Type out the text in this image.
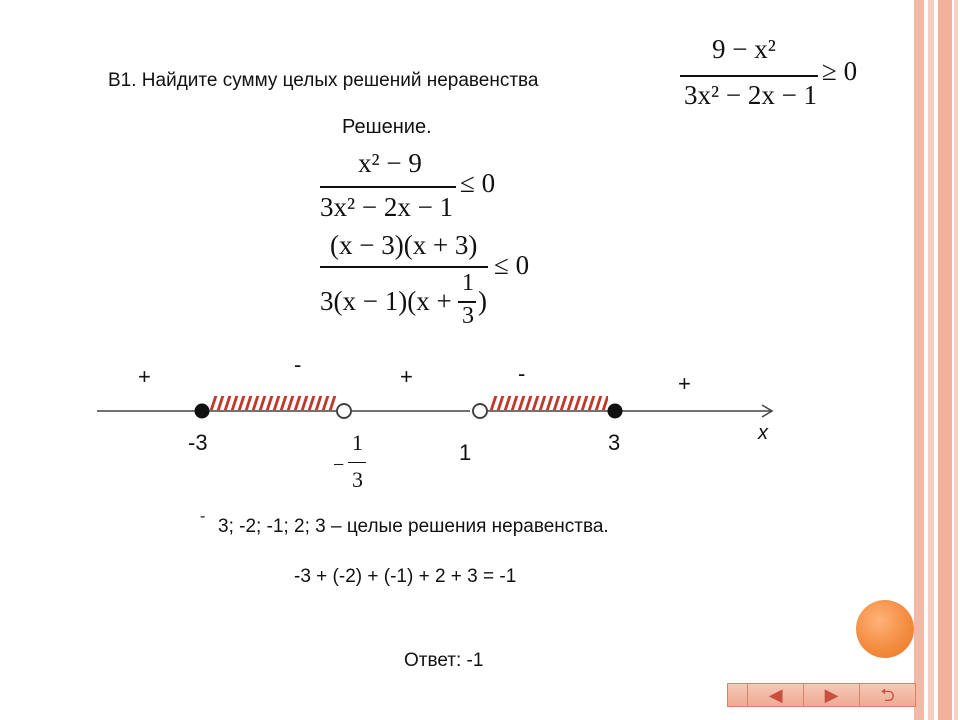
В1. Найдите сумму целых решений неравенства
9 − x²
3x² − 2x − 1
≥ 0
Решение.
x² − 9
3x² − 2x − 1
≤ 0
(x − 3)(x + 3)
3(x − 1)(x +
1
3 )
≤ 0
+	-	+	-	+
-3
−
1
3
1	3	x
- 3; -2; -1; 2; 3 – целые решения неравенства.
-3 + (-2) + (-1) + 2 + 3 = -1
Ответ: -1
◀ ▶ ⮌
